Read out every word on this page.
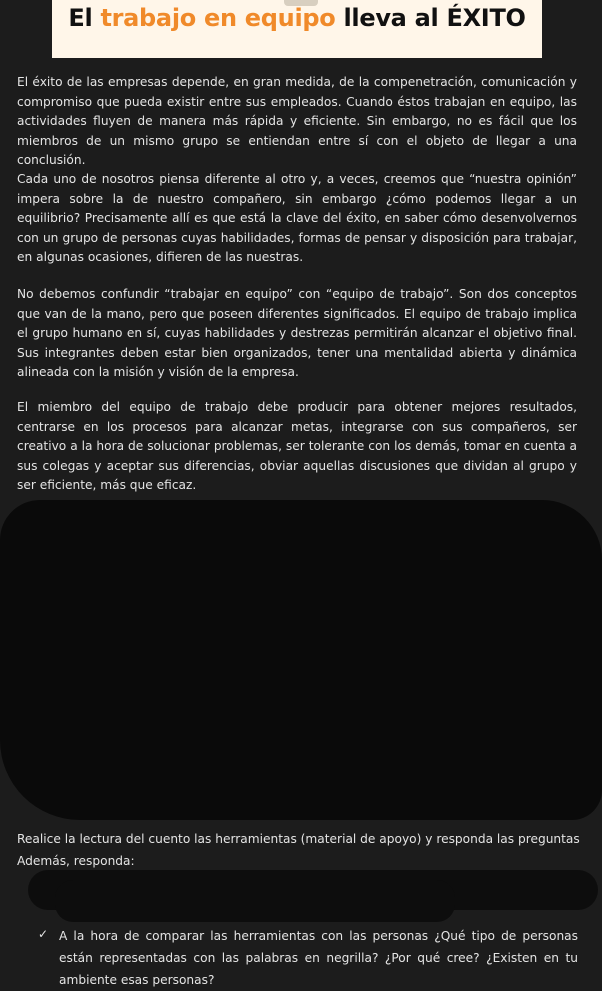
El trabajo en equipo lleva al ÉXITO

El éxito de las empresas depende, en gran medida, de la compenetración, comunicación y compromiso que pueda existir entre sus empleados. Cuando éstos trabajan en equipo, las actividades fluyen de manera más rápida y eficiente. Sin embargo, no es fácil que los miembros de un mismo grupo se entiendan entre sí con el objeto de llegar a una conclusión.

Cada uno de nosotros piensa diferente al otro y, a veces, creemos que “nuestra opinión” impera sobre la de nuestro compañero, sin embargo ¿cómo podemos llegar a un equilibrio? Precisamente allí es que está la clave del éxito, en saber cómo desenvolvernos con un grupo de personas cuyas habilidades, formas de pensar y disposición para trabajar, en algunas ocasiones, difieren de las nuestras.

No debemos confundir “trabajar en equipo” con “equipo de trabajo”. Son dos conceptos que van de la mano, pero que poseen diferentes significados. El equipo de trabajo implica el grupo humano en sí, cuyas habilidades y destrezas permitirán alcanzar el objetivo final. Sus integrantes deben estar bien organizados, tener una mentalidad abierta y dinámica alineada con la misión y visión de la empresa.

El miembro del equipo de trabajo debe producir para obtener mejores resultados, centrarse en los procesos para alcanzar metas, integrarse con sus compañeros, ser creativo a la hora de solucionar problemas, ser tolerante con los demás, tomar en cuenta a sus colegas y aceptar sus diferencias, obviar aquellas discusiones que dividan al grupo y ser eficiente, más que eficaz.

Realice la lectura del cuento las herramientas (material de apoyo) y responda las preguntas
Además, responda:
✓ A la hora de comparar las herramientas con las personas ¿Qué tipo de personas están representadas con las palabras en negrilla? ¿Por qué cree? ¿Existen en tu ambiente esas personas?
